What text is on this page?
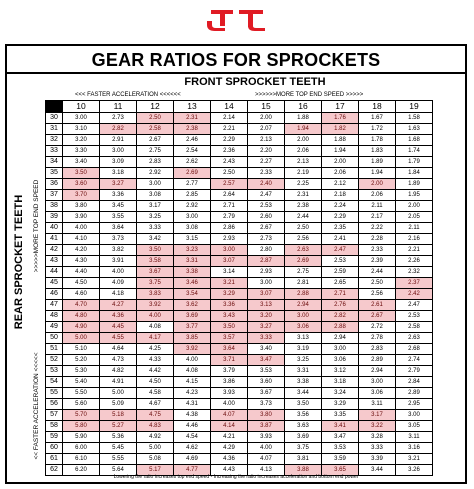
GEAR RATIOS FOR SPROCKETS
FRONT SPROCKET TEETH
<<< FASTER ACCELERATION <<<<<<	>>>>>>MORE TOP END SPEED >>>>>
REAR SPROCKET TEETH >>>>>MORE TOP END SPEED
<< FASTER ACCELERATION <<<<<
	10	11	12	13	14	15	16	17	18	19
30	3.00	2.73	2.50	2.31	2.14	2.00	1.88	1.76	1.67	1.58
31	3.10	2.82	2.58	2.38	2.21	2.07	1.94	1.82	1.72	1.63
32	3.20	2.91	2.67	2.46	2.29	2.13	2.00	1.88	1.78	1.68
33	3.30	3.00	2.75	2.54	2.36	2.20	2.06	1.94	1.83	1.74
34	3.40	3.09	2.83	2.62	2.43	2.27	2.13	2.00	1.89	1.79
35	3.50	3.18	2.92	2.69	2.50	2.33	2.19	2.06	1.94	1.84
36	3.60	3.27	3.00	2.77	2.57	2.40	2.25	2.12	2.00	1.89
37	3.70	3.36	3.08	2.85	2.64	2.47	2.31	2.18	2.06	1.95
38	3.80	3.45	3.17	2.92	2.71	2.53	2.38	2.24	2.11	2.00
39	3.90	3.55	3.25	3.00	2.79	2.60	2.44	2.29	2.17	2.05
40	4.00	3.64	3.33	3.08	2.86	2.67	2.50	2.35	2.22	2.11
41	4.10	3.73	3.42	3.15	2.93	2.73	2.56	2.41	2.28	2.16
42	4.20	3.82	3.50	3.23	3.00	2.80	2.63	2.47	2.33	2.21
43	4.30	3.91	3.58	3.31	3.07	2.87	2.69	2.53	2.39	2.26
44	4.40	4.00	3.67	3.38	3.14	2.93	2.75	2.59	2.44	2.32
45	4.50	4.09	3.75	3.46	3.21	3.00	2.81	2.65	2.50	2.37
46	4.60	4.18	3.83	3.54	3.29	3.07	2.88	2.71	2.56	2.42
47	4.70	4.27	3.92	3.62	3.36	3.13	2.94	2.76	2.61	2.47
48	4.80	4.36	4.00	3.69	3.43	3.20	3.00	2.82	2.67	2.53
49	4.90	4.45	4.08	3.77	3.50	3.27	3.06	2.88	2.72	2.58
50	5.00	4.55	4.17	3.85	3.57	3.33	3.13	2.94	2.78	2.63
51	5.10	4.64	4.25	3.92	3.64	3.40	3.19	3.00	2.83	2.68
52	5.20	4.73	4.33	4.00	3.71	3.47	3.25	3.06	2.89	2.74
53	5.30	4.82	4.42	4.08	3.79	3.53	3.31	3.12	2.94	2.79
54	5.40	4.91	4.50	4.15	3.86	3.60	3.38	3.18	3.00	2.84
55	5.50	5.00	4.58	4.23	3.93	3.67	3.44	3.24	3.06	2.89
56	5.60	5.09	4.67	4.31	4.00	3.73	3.50	3.29	3.11	2.95
57	5.70	5.18	4.75	4.38	4.07	3.80	3.56	3.35	3.17	3.00
58	5.80	5.27	4.83	4.46	4.14	3.87	3.63	3.41	3.22	3.05
59	5.90	5.36	4.92	4.54	4.21	3.93	3.69	3.47	3.28	3.11
60	6.00	5.45	5.00	4.62	4.29	4.00	3.75	3.53	3.33	3.16
61	6.10	5.55	5.08	4.69	4.36	4.07	3.81	3.59	3.39	3.21
62	6.20	5.64	5.17	4.77	4.43	4.13	3.88	3.65	3.44	3.26
Lowering the ratio increases top end speed - Increasing the ratio increases acceleration and bottom end power
